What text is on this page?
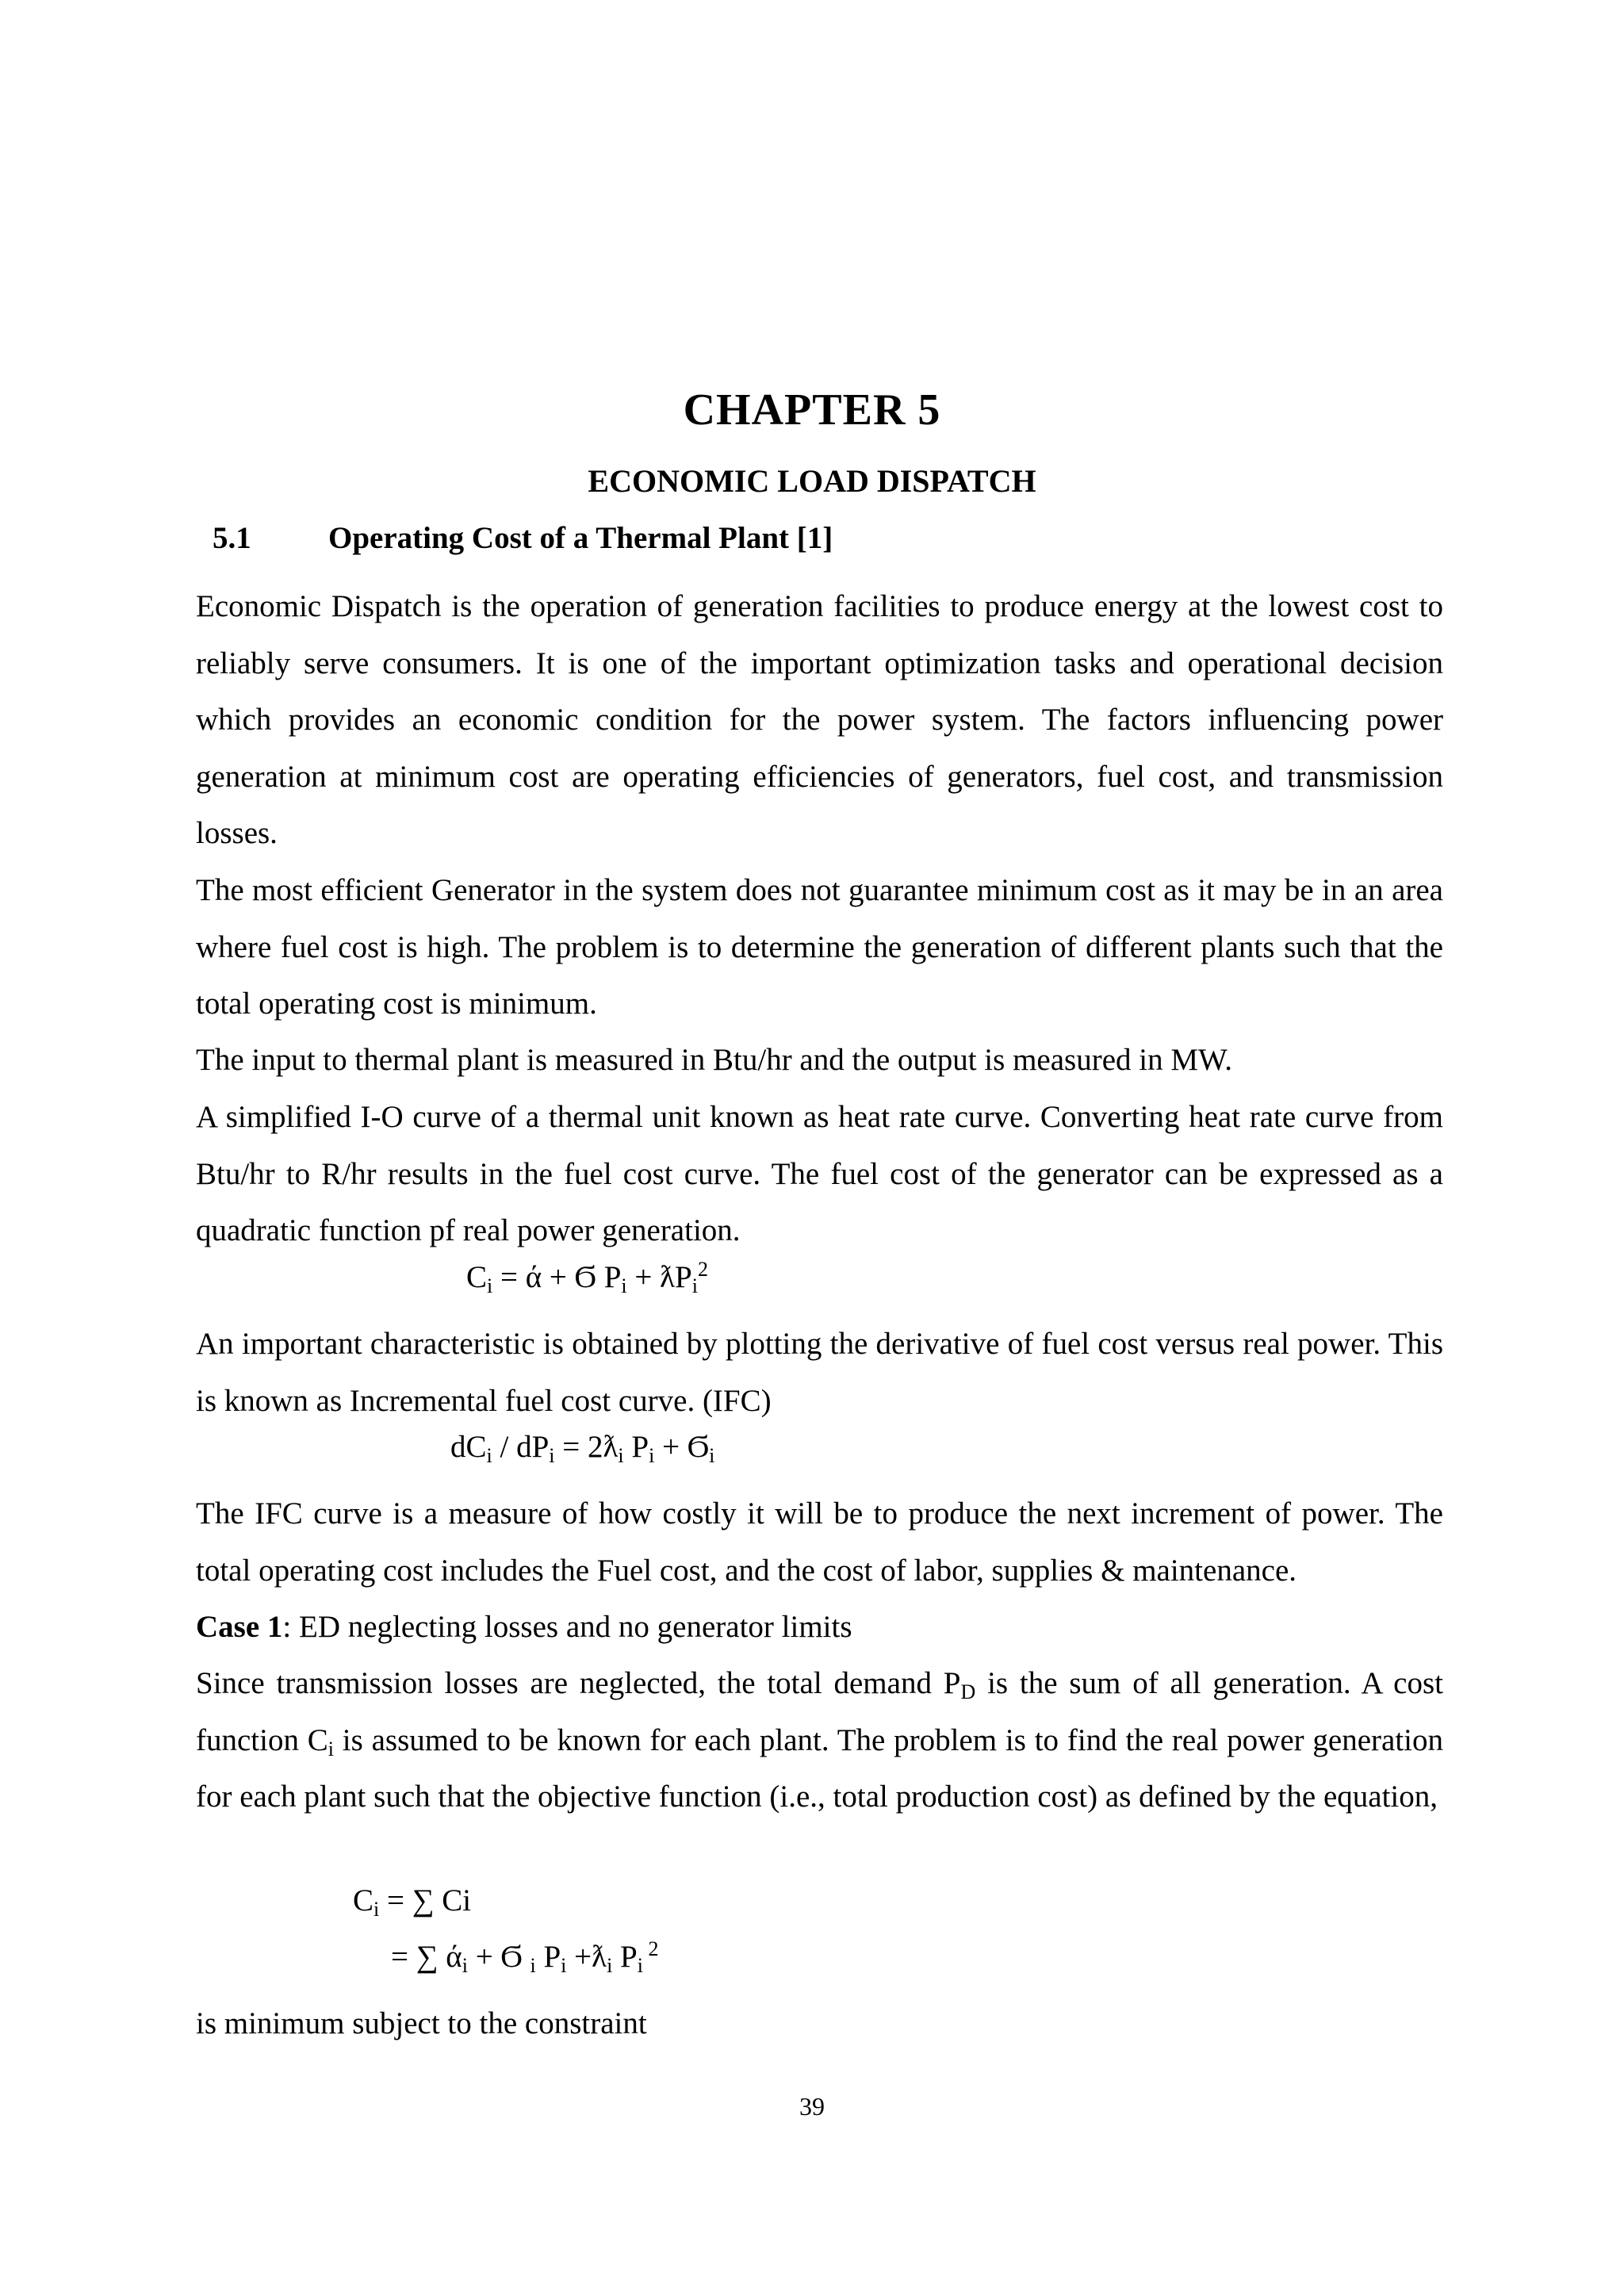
CHAPTER 5
ECONOMIC LOAD DISPATCH
5.1 Operating Cost of a Thermal Plant [1]
Economic Dispatch is the operation of generation facilities to produce energy at the lowest cost to reliably serve consumers. It is one of the important optimization tasks and operational decision which provides an economic condition for the power system. The factors influencing power generation at minimum cost are operating efficiencies of generators, fuel cost, and transmission losses.
The most efficient Generator in the system does not guarantee minimum cost as it may be in an area where fuel cost is high. The problem is to determine the generation of different plants such that the total operating cost is minimum.
The input to thermal plant is measured in Btu/hr and the output is measured in MW.
A simplified I-O curve of a thermal unit known as heat rate curve. Converting heat rate curve from Btu/hr to R/hr results in the fuel cost curve. The fuel cost of the generator can be expressed as a quadratic function pf real power generation.
$C_i = ά + Ϭ$ $P_i$ + $ƛP_i^2$
An important characteristic is obtained by plotting the derivative of fuel cost versus real power. This is known as Incremental fuel cost curve. (IFC)
$dC_i / dP_i$ = $2ƛ_i$ $P_i + Ϭ_i$
The IFC curve is a measure of how costly it will be to produce the next increment of power. The total operating cost includes the Fuel cost, and the cost of labor, supplies & maintenance.
Case 1: ED neglecting losses and no generator limits
Since transmission losses are neglected, the total demand $P_D$ is the sum of all generation. A cost function $C_i$ is assumed to be known for each plant. The problem is to find the real power generation for each plant such that the objective function (i.e., total production cost) as defined by the equation,
$C_i$ = ∑ Ci
= ∑ $ά_i + Ϭ$ $_i$ $P_i$ $+ƛ_i$ $P_i$ $^2$
is minimum subject to the constraint
39
